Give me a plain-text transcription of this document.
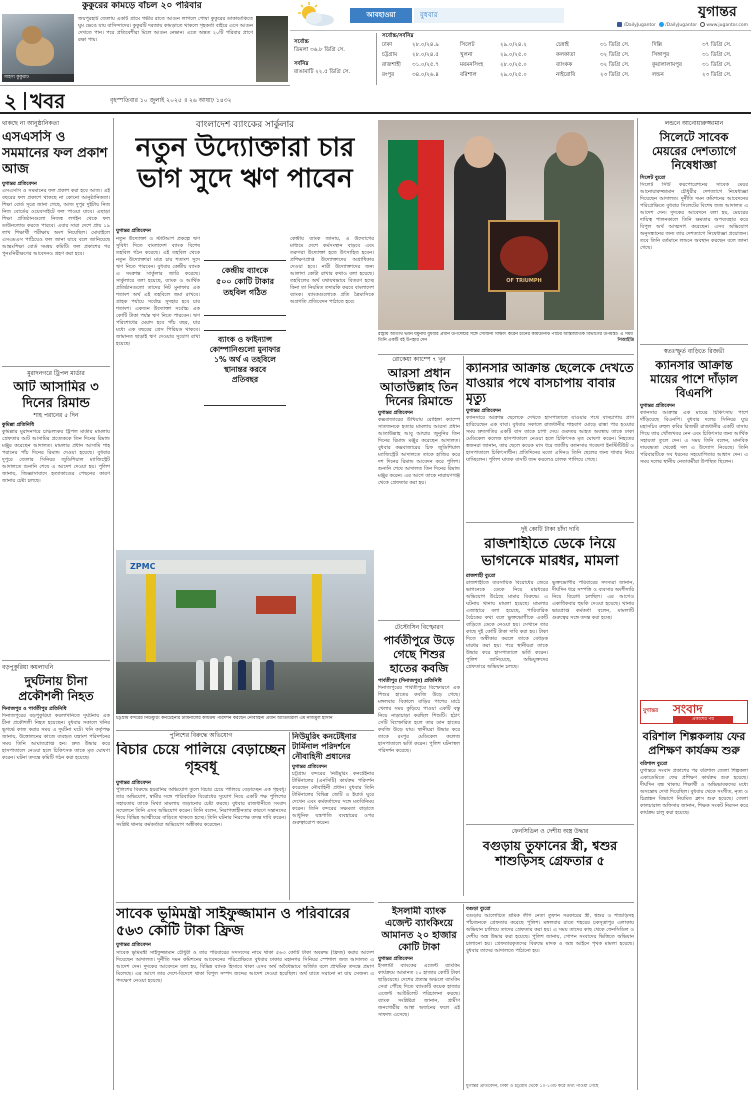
কুকুরের কামড়ে বাঁচল ২০ পরিবার
সাহসী কুকুরটি
জয়পুরহাট জেলায় একটি গ্রামে গভীর রাতে আগুন লাগলে পোষা কুকুরের ডাকাডাকিতে ঘুম ভেঙে যায় বাসিন্দাদের। কুকুরটি দরজায় কামড়াতে থাকলে গৃহকর্তা বাইরে এসে আগুন দেখতে পান। পরে প্রতিবেশীরা মিলে আগুন নেভান। এতে অন্তত ২০টি পরিবার প্রাণে রক্ষা পায়।
আবহাওয়া	বুধবার	যুগান্তর
/DailyJugantor /DailyJugantor www.jugantor.com
সর্বোচ্চ
ডিমলা ৩৬.৮ ডিগ্রি সে.
সর্বনিম্ন
রাঙামাটি ২২.৫ ডিগ্রি সে.
সর্বোচ্চ/সর্বনিম্ন
ঢাকা	২৮.০/২৪.৯	সিলেট	২৯.০/২৪.২	চেন্নাই	৩১ ডিগ্রি সে.	দিল্লি	৩৭ ডিগ্রি সে.
চট্টগ্রাম	২৮.০/২৪.৫	খুলনা	২৯.০/২৫.০	কলকাতা	৩২ ডিগ্রি সে.	সিঙ্গাপুর	৩১ ডিগ্রি সে.
রাজশাহী ৩১.০/২৫.৭	ময়মনসিংহ	২৮.০/২৫.০	ব্যাংকক	৩২ ডিগ্রি সে.	কুয়ালালামপুর	৩১ ডিগ্রি সে.
রংপুর	৩৪.০/২৬.৪	বরিশাল	২৯.০/২৫.০	নাইরোবি	২৩ ডিগ্রি সে.	লন্ডন	২৩ ডিগ্রি সে.
২ খবর	বৃহস্পতিবার ১০ জুলাই ২০২৫ ॥ ২৬ আষাঢ় ১৪৩২
থাকছে না আনুষ্ঠানিকতা
এসএসসি ও সমমানের ফল প্রকাশ আজ
যুগান্তর প্রতিবেদন
এসএসসি ও সমমানের ফল প্রকাশ করা হবে আজ। এই বছরের ফল প্রকাশে থাকছে না কোনো আনুষ্ঠানিকতা। শিক্ষা বোর্ড সূত্রে জানা গেছে, আজ দুপুর দুইটায় নিজ নিজ বোর্ডের ওয়েবসাইটে ফল পাওয়া যাবে। এছাড়া শিক্ষা প্রতিষ্ঠানগুলো নিজস্ব লগইন থেকে ফল ডাউনলোড করতে পারবে। এবার সারা দেশে প্রায় ১৯ লাখ শিক্ষার্থী পরীক্ষায় অংশ নিয়েছিল। মোবাইলে এসএমএস পাঠিয়েও ফল জানা যাবে বলে জানিয়েছে আন্তঃশিক্ষা বোর্ড সমন্বয় কমিটি। ফল প্রকাশের পর পুনঃনিরীক্ষণের আবেদনও গ্রহণ করা হবে।
মুরাদনগরে ট্রিপল মার্ডার
আট আসামির ৩ দিনের রিমান্ড
শাহ পরানের ৫ দিন
কুমিল্লা প্রতিনিধি
কুমিল্লার মুরাদনগরে চাঞ্চল্যকর ট্রিপল মার্ডার মামলায় গ্রেফতার আট আসামির প্রত্যেককে তিন দিনের রিমান্ড মঞ্জুর করেছেন আদালত। মামলার প্রধান আসামি শাহ পরানের পাঁচ দিনের রিমান্ড দেওয়া হয়েছে। বুধবার দুপুরে জেলার সিনিয়র জুডিশিয়াল ম্যাজিস্ট্রেট আদালতে শুনানি শেষে এ আদেশ দেওয়া হয়। পুলিশ জানায়, জিজ্ঞাসাবাদে হত্যাকাণ্ডের পেছনের কারণ জানার চেষ্টা চলছে।
বড়পুকুরিয়া কয়লাখনি
দুর্ঘটনায় চীনা প্রকৌশলী নিহত
দিনাজপুর ও পার্বতীপুর প্রতিনিধি
দিনাজপুরের বড়পুকুরিয়া কয়লাখনিতে দুর্ঘটনায় এক চীনা প্রকৌশলী নিহত হয়েছেন। বুধবার সকালে খনির ভূগর্ভে কাজ করার সময় এ দুর্ঘটনা ঘটে। খনি কর্তৃপক্ষ জানায়, উত্তোলনের কাজে ব্যবহৃত যন্ত্রাংশ পরিদর্শনের সময় তিনি আঘাতপ্রাপ্ত হন। দ্রুত উদ্ধার করে হাসপাতালে নেওয়া হলে চিকিৎসক তাকে মৃত ঘোষণা করেন। ঘটনা তদন্তে কমিটি গঠন করা হয়েছে।
বাংলাদেশ ব্যাংকের সার্কুলার
নতুন উদ্যোক্তারা চার ভাগ সুদে ঋণ পাবেন
যুগান্তর প্রতিবেদন
নতুন উদ্যোক্তা ও স্টার্টআপ প্রকল্পে ঋণ সুবিধা দিতে বাংলাদেশ ব্যাংক বিশেষ তহবিল গঠন করেছে। এই তহবিল থেকে নতুন উদ্যোক্তারা মাত্র চার শতাংশ সুদে ঋণ নিতে পারবেন। বুধবার কেন্দ্রীয় ব্যাংক এ সংক্রান্ত সার্কুলার জারি করেছে। সার্কুলারে বলা হয়েছে, ব্যাংক ও আর্থিক প্রতিষ্ঠানগুলো তাদের নিট মুনাফার এক শতাংশ অর্থ এই তহবিলে জমা রাখবে। গ্রাহক পর্যায়ে সর্বোচ্চ সুদহার হবে চার শতাংশ। একজন উদ্যোক্তা সর্বোচ্চ এক কোটি টাকা পর্যন্ত ঋণ নিতে পারবেন। ঋণ পরিশোধের মেয়াদ হবে পাঁচ বছর, যার মধ্যে এক বছরের গ্রেস পিরিয়ড থাকবে। জামানত ছাড়াই ঋণ দেওয়ার সুযোগ রাখা হয়েছে।
কেন্দ্রীয় ব্যাংক জানায়, এ উদ্যোগের মাধ্যমে দেশে কর্মসংস্থান বাড়বে এবং তরুণরা উদ্যোক্তা হতে উৎসাহিত হবেন। প্রশিক্ষণপ্রাপ্ত উদ্যোক্তাদের অগ্রাধিকার দেওয়া হবে। নারী উদ্যোক্তাদের জন্য আলাদা কোটা রাখার কথাও বলা হয়েছে। তহবিলের অর্থ যথাযথভাবে বিতরণ হচ্ছে কিনা তা নিয়মিত তদারকি করবে বাংলাদেশ ব্যাংক। ব্যাংকগুলোকে প্রতি ত্রৈমাসিকে অগ্রগতি প্রতিবেদন পাঠাতে হবে।
কেন্দ্রীয় ব্যাংকে
৫০০ কোটি টাকার
তহবিল গঠিত
ব্যাংক ও ফাইন্যান্স
কোম্পানিগুলো মুনাফার
১% অর্থ এ তহবিলে
স্থানান্তর করবে
প্রতিবছর
ZPMC
চট্টগ্রাম বন্দরের নিউমুরিং কনটেইনার টার্মিনালের কার্যক্রম পরিদর্শন করছেন নৌবাহিনী প্রধান অ্যাডমিরাল এম নাজমুল হাসান
OF TRIUMPH
রাষ্ট্রীয় অতিথি ভবন যমুনায় বুধবার প্রধান উপদেষ্টার সঙ্গে সৌজন্য সাক্ষাৎ করেন চীনের কমিউনিস্ট পার্টির আন্তর্জাতিক বিভাগের উপমন্ত্রী। এ সময় তিনি একটি বই উপহার দেন	পিআইডি
রোকেয়া ক্যাম্পে ৭ খুন
আরসা প্রধান আতাউল্লাহ তিন দিনের রিমান্ডে
যুগান্তর প্রতিবেদন
কক্সবাজারের উখিয়ায় রোহিঙ্গা ক্যাম্পে সাতজনকে হত্যার মামলায় আরসা প্রধান আতাউল্লাহ আবু আম্মার জুনুনির তিন দিনের রিমান্ড মঞ্জুর করেছেন আদালত। বুধবার কক্সবাজারের চিফ জুডিশিয়াল ম্যাজিস্ট্রেট আদালতে তাকে হাজির করে দশ দিনের রিমান্ড আবেদন করে পুলিশ। শুনানি শেষে আদালত তিন দিনের রিমান্ড মঞ্জুর করেন। এর আগে তাকে নারায়ণগঞ্জ থেকে গ্রেফতার করা হয়।
ক্যানসার আক্রান্ত ছেলেকে দেখতে যাওয়ার পথে বাসচাপায় বাবার মৃত্যু
যুগান্তর প্রতিবেদন
ক্যানসারে আক্রান্ত ছেলেকে দেখতে হাসপাতালে যাওয়ার পথে বাসচাপায় প্রাণ হারিয়েছেন এক বাবা। বুধবার সকালে রাজধানীর শাহবাগ মোড়ে রাস্তা পার হওয়ার সময় দ্রুতগতির একটি বাস তাকে চাপা দেয়। গুরুতর আহত অবস্থায় তাকে ঢাকা মেডিকেল কলেজ হাসপাতালে নেওয়া হলে চিকিৎসক মৃত ঘোষণা করেন। নিহতের স্বজনরা জানান, তার ছেলে কয়েক মাস ধরে জাতীয় ক্যানসার গবেষণা ইনস্টিটিউট ও হাসপাতালে চিকিৎসাধীন। প্রতিদিনের মতো এদিনও তিনি ছেলের জন্য খাবার নিয়ে যাচ্ছিলেন। পুলিশ ঘাতক বাসটি জব্দ করলেও চালক পালিয়ে গেছে।
দুই কোটি টাকা চাঁদা দাবি
রাজশাহীতে ডেকে নিয়ে ভাগনেকে মারধর, মামলা
রাজশাহী ব্যুরো
রাজশাহীতে ব্যবসায়িক বিরোধের জেরে ভাগনেকে ডেকে নিয়ে মারধরের অভিযোগ উঠেছে মামার বিরুদ্ধে। এ ঘটনায় থানায় মামলা হয়েছে। মামলার এজাহারে বলা হয়েছে, পারিবারিক বৈঠকের কথা বলে ভুক্তভোগীকে একটি বাড়িতে ডেকে নেওয়া হয়। সেখানে তার কাছে দুই কোটি টাকা দাবি করা হয়। টাকা দিতে অস্বীকার করলে তাকে বেধড়ক মারধর করা হয়। পরে স্থানীয়রা তাকে উদ্ধার করে হাসপাতালে ভর্তি করেন। পুলিশ জানিয়েছে, অভিযুক্তদের গ্রেফতারে অভিযান চলছে।
ভুক্তভোগীর পরিবারের সদস্যরা জানান, দীর্ঘদিন ধরে সম্পত্তি ও ব্যবসার অংশীদারি নিয়ে বিরোধ চলছিল। এর আগেও একাধিকবার হুমকি দেওয়া হয়েছে। থানার ভারপ্রাপ্ত কর্মকর্তা বলেন, মামলাটি গুরুত্বের সঙ্গে তদন্ত করা হচ্ছে।
ফেনসিডিল ও দেশীয় অস্ত্র উদ্ধার
বগুড়ায় তুফানের স্ত্রী, শ্বশুর শাশুড়িসহ গ্রেফতার ৫
টেস্টোসিন বিস্ফোরণ
পার্বতীপুরে উড়ে গেছে শিশুর হাতের কবজি
পার্বতীপুর (দিনাজপুর) প্রতিনিধি
দিনাজপুরের পার্বতীপুরে বিস্ফোরণে এক শিশুর হাতের কবজি উড়ে গেছে। মঙ্গলবার বিকালে বাড়ির পাশের মাঠে খেলার সময় কুড়িয়ে পাওয়া একটি বস্তু নিয়ে নাড়াচাড়া করছিল শিশুটি। হঠাৎ সেটি বিস্ফোরিত হলে তার ডান হাতের কবজি উড়ে যায়। স্থানীয়রা উদ্ধার করে তাকে রংপুর মেডিকেল কলেজ হাসপাতালে ভর্তি করেন। পুলিশ ঘটনাস্থল পরিদর্শন করেছে।
পুলিশের বিরুদ্ধে অভিযোগ
বিচার চেয়ে পালিয়ে বেড়াচ্ছেন গৃহবধূ
যুগান্তর প্রতিবেদন
পুলিশের বিরুদ্ধে হয়রানির অভিযোগ তুলে বিচার চেয়ে পালিয়ে বেড়াচ্ছেন এক গৃহবধূ। তার অভিযোগ, স্বামীর সঙ্গে পারিবারিক বিরোধের সুযোগ নিয়ে একটি পক্ষ পুলিশের সহায়তায় তাকে মিথ্যা মামলায় জড়ানোর চেষ্টা করছে। বুধবার রাজধানীতে সংবাদ সম্মেলনে তিনি এসব অভিযোগ করেন। তিনি বলেন, নিরাপত্তাহীনতার কারণে সন্তানদের নিয়ে বিভিন্ন আত্মীয়ের বাড়িতে থাকতে হচ্ছে। তিনি ঘটনার নিরপেক্ষ তদন্ত দাবি করেন। সংশ্লিষ্ট থানার কর্মকর্তারা অভিযোগ অস্বীকার করেছেন।
নিউমুরিং কনটেইনার
টার্মিনাল পরিদর্শনে নৌবাহিনী প্রধানের
যুগান্তর প্রতিবেদন
চট্টগ্রাম বন্দরের নিউমুরিং কনটেইনার টার্মিনালের (এনসিটি) কার্যক্রম পরিদর্শন করেছেন নৌবাহিনী প্রধান। বুধবার তিনি টার্মিনালের বিভিন্ন জেটি ও ইয়ার্ড ঘুরে দেখেন এবং কর্মকর্তাদের সঙ্গে মতবিনিময় করেন। তিনি বন্দরের সক্ষমতা বাড়াতে আধুনিক যন্ত্রপাতি ব্যবহারের ওপর গুরুত্বারোপ করেন।
সাবেক ভূমিমন্ত্রী সাইফুজ্জামান ও পরিবারের ৫৬৩ কোটি টাকা ফ্রিজ
যুগান্তর প্রতিবেদন
সাবেক ভূমিমন্ত্রী সাইফুজ্জামান চৌধুরী ও তার পরিবারের সদস্যদের নামে থাকা ৫৬৩ কোটি টাকা অবরুদ্ধ (ফ্রিজ) করার আদেশ দিয়েছেন আদালত। দুর্নীতি দমন কমিশনের আবেদনের পরিপ্রেক্ষিতে বুধবার ঢাকার মহানগর সিনিয়র স্পেশাল জজ আদালত এ আদেশ দেন। দুদকের আবেদনে বলা হয়, বিভিন্ন ব্যাংক হিসাবে থাকা এসব অর্থ অবৈধভাবে অর্জিত বলে প্রাথমিক তদন্তে প্রমাণ মিলেছে। এর আগে তার দেশে-বিদেশে থাকা বিপুল সম্পদ জব্দের আদেশ দেওয়া হয়েছিল। অর্থ যাতে সরানো না যায় সেজন্য এ পদক্ষেপ নেওয়া হয়েছে।
ইসলামী ব্যাংক এজেন্ট ব্যাংকিংয়ে আমানত ২০ হাজার কোটি টাকা
যুগান্তর প্রতিবেদন
ইসলামী ব্যাংকের এজেন্ট ব্যাংকিং কার্যক্রমে আমানত ২০ হাজার কোটি টাকা ছাড়িয়েছে। দেশের প্রত্যন্ত অঞ্চলে ব্যাংকিং সেবা পৌঁছে দিতে ব্যাংকটি কয়েক হাজার এজেন্ট আউটলেট পরিচালনা করছে। ব্যাংক সংশ্লিষ্টরা জানান, গ্রামীণ জনগোষ্ঠীর আস্থা অর্জনের ফলে এই সাফল্য এসেছে।
বগুড়া ব্যুরো
বগুড়ায় আলোচিত শ্রমিক লীগ নেতা তুফান সরকারের স্ত্রী, শ্বশুর ও শাশুড়িসহ পাঁচজনকে গ্রেফতার করেছে পুলিশ। মঙ্গলবার রাতে শহরের চকসূত্রাপুর এলাকায় অভিযান চালিয়ে তাদের গ্রেফতার করা হয়। এ সময় তাদের কাছ থেকে ফেনসিডিল ও দেশীয় অস্ত্র উদ্ধার করা হয়েছে। পুলিশ জানায়, গোপন সংবাদের ভিত্তিতে অভিযান চালানো হয়। গ্রেফতারকৃতদের বিরুদ্ধে মাদক ও অস্ত্র আইনে পৃথক মামলা হয়েছে। বুধবার তাদের আদালতে পাঠানো হয়।
লন্ডনে আনোয়ারুজ্জামান
সিলেটে সাবেক মেয়রের দেশত্যাগে নিষেধাজ্ঞা
সিলেট ব্যুরো
সিলেট সিটি করপোরেশনের সাবেক মেয়র আনোয়ারুজ্জামান চৌধুরীর দেশত্যাগে নিষেধাজ্ঞা দিয়েছেন আদালত। দুর্নীতি দমন কমিশনের আবেদনের পরিপ্রেক্ষিতে বুধবার সিলেটের বিশেষ জজ আদালত এ আদেশ দেন। দুদকের আবেদনে বলা হয়, মেয়রের দায়িত্ব পালনকালে তিনি ক্ষমতার অপব্যবহার করে বিপুল অর্থ আত্মসাৎ করেছেন। এসব অভিযোগ অনুসন্ধানের জন্য তার দেশত্যাগে নিষেধাজ্ঞা প্রয়োজন। তবে তিনি বর্তমানে লন্ডনে অবস্থান করছেন বলে জানা গেছে।
স্বতঃস্ফূর্ত বাড়িতে রিজভী
ক্যানসার আক্রান্ত মায়ের পাশে দাঁড়াল বিএনপি
যুগান্তর প্রতিবেদন
ক্যানসার আক্রান্ত এক মায়ের চিকিৎসায় পাশে দাঁড়িয়েছে বিএনপি। বুধবার দলের সিনিয়র যুগ্ম মহাসচিব রুহুল কবির রিজভী রাজধানীর একটি বাসায় গিয়ে তার খোঁজখবর নেন এবং চিকিৎসার জন্য আর্থিক সহায়তা তুলে দেন। এ সময় তিনি বলেন, মানবিক দায়বদ্ধতা থেকেই দল এ উদ্যোগ নিয়েছে। তিনি পরিবারটিকে সব ধরনের সহযোগিতার আশ্বাস দেন। এ সময় দলের স্থানীয় নেতাকর্মীরা উপস্থিত ছিলেন।
যুগান্তর সংবাদ
প্রকাশের পর
বরিশাল শিল্পকলায় ফের প্রশিক্ষণ কার্যক্রম শুরু
বরিশাল ব্যুরো
যুগান্তরে সংবাদ প্রকাশের পর বরিশাল জেলা শিল্পকলা একাডেমিতে ফের প্রশিক্ষণ কার্যক্রম শুরু হয়েছে। দীর্ঘদিন বন্ধ থাকায় শিক্ষার্থী ও অভিভাবকদের মধ্যে অসন্তোষ দেখা দিয়েছিল। বুধবার থেকে সংগীত, নৃত্য ও চিত্রাঙ্কন বিভাগে নিয়মিত ক্লাস শুরু হয়েছে। জেলা কালচারাল অফিসার জানান, শিক্ষক সংকট নিরসন করে কার্যক্রম চালু করা হয়েছে।
যুগান্তর প্রতিবেদন, ঢাকা ও চট্টগ্রাম থেকে ১০-১৩টি করে তথ্য পাওয়া গেছে
